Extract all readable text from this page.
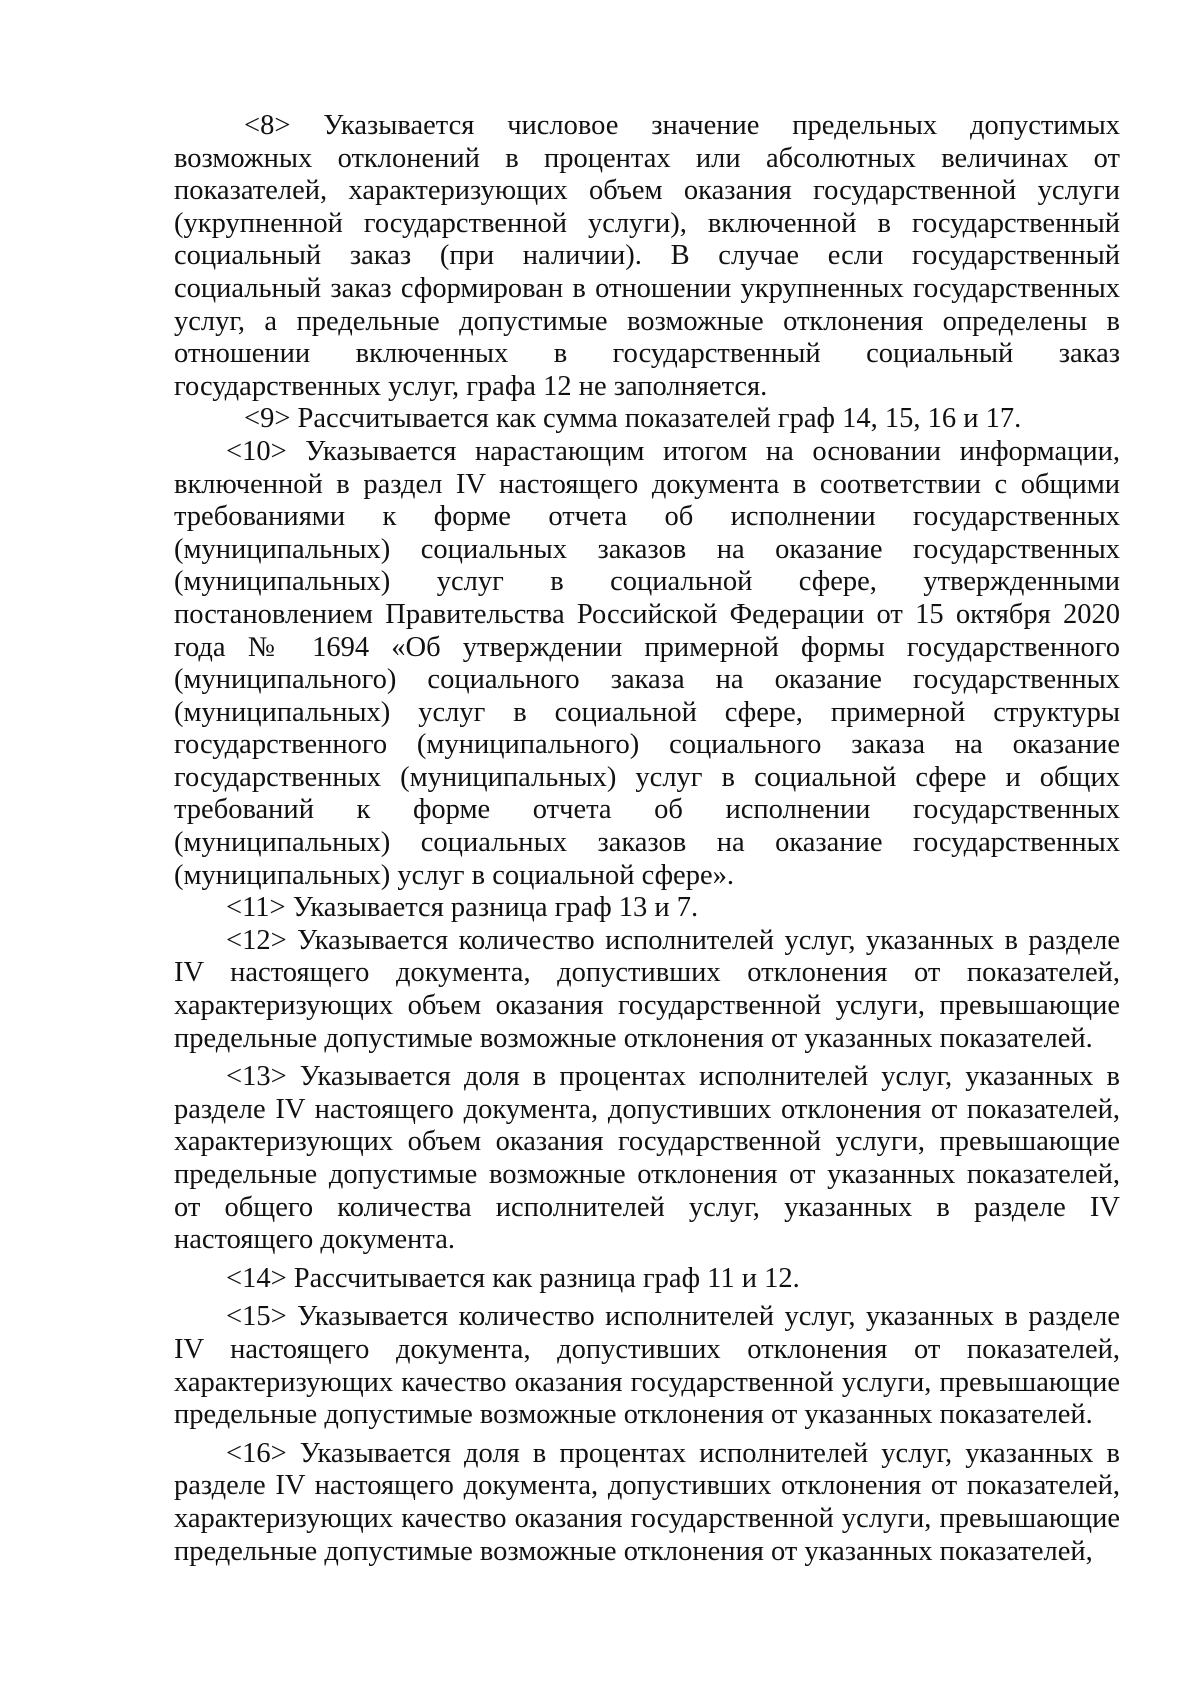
<8> Указывается числовое значение предельных допустимых возможных отклонений в процентах или абсолютных величинах от показателей, характеризующих объем оказания государственной услуги (укрупненной государственной услуги), включенной в государственный социальный заказ (при наличии). В случае если государственный социальный заказ сформирован в отношении укрупненных государственных услуг, а предельные допустимые возможные отклонения определены в отношении включенных в государственный социальный заказ государственных услуг, графа 12 не заполняется.

<9> Рассчитывается как сумма показателей граф 14, 15, 16 и 17.

<10> Указывается нарастающим итогом на основании информации, включенной в раздел IV настоящего документа в соответствии с общими требованиями к форме отчета об исполнении государственных (муниципальных) социальных заказов на оказание государственных (муниципальных) услуг в социальной сфере, утвержденными постановлением Правительства Российской Федерации от 15 октября 2020 года № 1694 «Об утверждении примерной формы государственного (муниципального) социального заказа на оказание государственных (муниципальных) услуг в социальной сфере, примерной структуры государственного (муниципального) социального заказа на оказание государственных (муниципальных) услуг в социальной сфере и общих требований к форме отчета об исполнении государственных (муниципальных) социальных заказов на оказание государственных (муниципальных) услуг в социальной сфере».

<11> Указывается разница граф 13 и 7.

<12> Указывается количество исполнителей услуг, указанных в разделе IV настоящего документа, допустивших отклонения от показателей, характеризующих объем оказания государственной услуги, превышающие предельные допустимые возможные отклонения от указанных показателей.

<13> Указывается доля в процентах исполнителей услуг, указанных в разделе IV настоящего документа, допустивших отклонения от показателей, характеризующих объем оказания государственной услуги, превышающие предельные допустимые возможные отклонения от указанных показателей, от общего количества исполнителей услуг, указанных в разделе IV настоящего документа.

<14> Рассчитывается как разница граф 11 и 12.

<15> Указывается количество исполнителей услуг, указанных в разделе IV настоящего документа, допустивших отклонения от показателей, характеризующих качество оказания государственной услуги, превышающие предельные допустимые возможные отклонения от указанных показателей.

<16> Указывается доля в процентах исполнителей услуг, указанных в разделе IV настоящего документа, допустивших отклонения от показателей, характеризующих качество оказания государственной услуги, превышающие предельные допустимые возможные отклонения от указанных показателей,
